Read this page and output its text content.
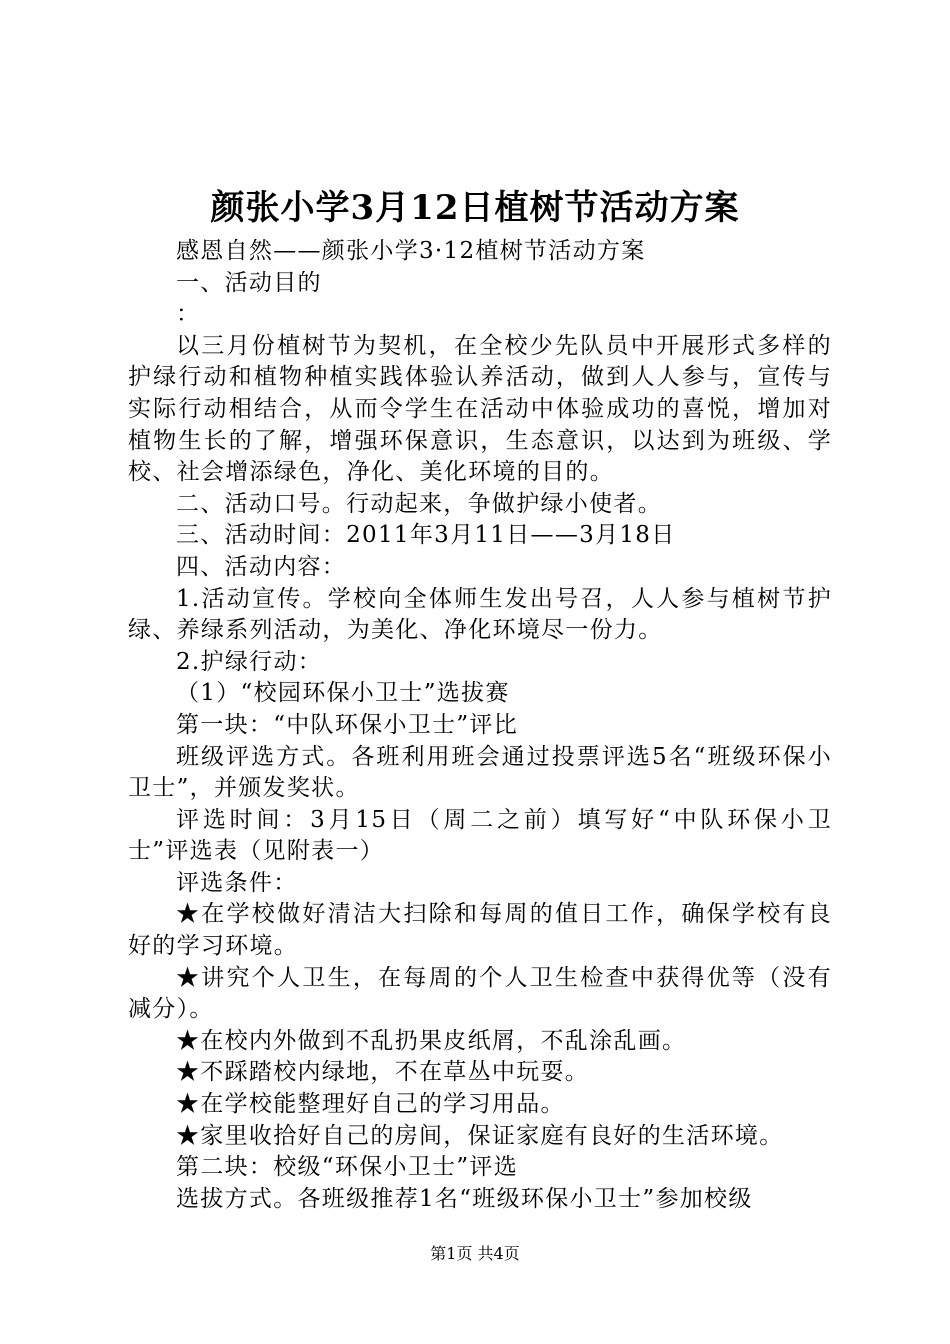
颜张小学3月12日植树节活动方案

感恩自然——颜张小学3·12植树节活动方案

一、活动目的

：

以三月份植树节为契机，在全校少先队员中开展形式多样的护绿行动和植物种植实践体验认养活动，做到人人参与，宣传与实际行动相结合，从而令学生在活动中体验成功的喜悦，增加对植物生长的了解，增强环保意识，生态意识，以达到为班级、学校、社会增添绿色，净化、美化环境的目的。

二、活动口号。行动起来，争做护绿小使者。

三、活动时间：2011年3月11日——3月18日

四、活动内容：

1.活动宣传。学校向全体师生发出号召，人人参与植树节护绿、养绿系列活动，为美化、净化环境尽一份力。

2.护绿行动：

（1）“校园环保小卫士”选拔赛

第一块：“中队环保小卫士”评比

班级评选方式。各班利用班会通过投票评选5名“班级环保小卫士”，并颁发奖状。

评选时间：3月15日（周二之前）填写好“中队环保小卫士”评选表（见附表一）

评选条件：

★在学校做好清洁大扫除和每周的值日工作，确保学校有良好的学习环境。

★讲究个人卫生，在每周的个人卫生检查中获得优等（没有减分）。

★在校内外做到不乱扔果皮纸屑，不乱涂乱画。

★不踩踏校内绿地，不在草丛中玩耍。

★在学校能整理好自己的学习用品。

★家里收拾好自己的房间，保证家庭有良好的生活环境。

第二块：校级“环保小卫士”评选

选拔方式。各班级推荐1名“班级环保小卫士”参加校级

第1页 共4页
